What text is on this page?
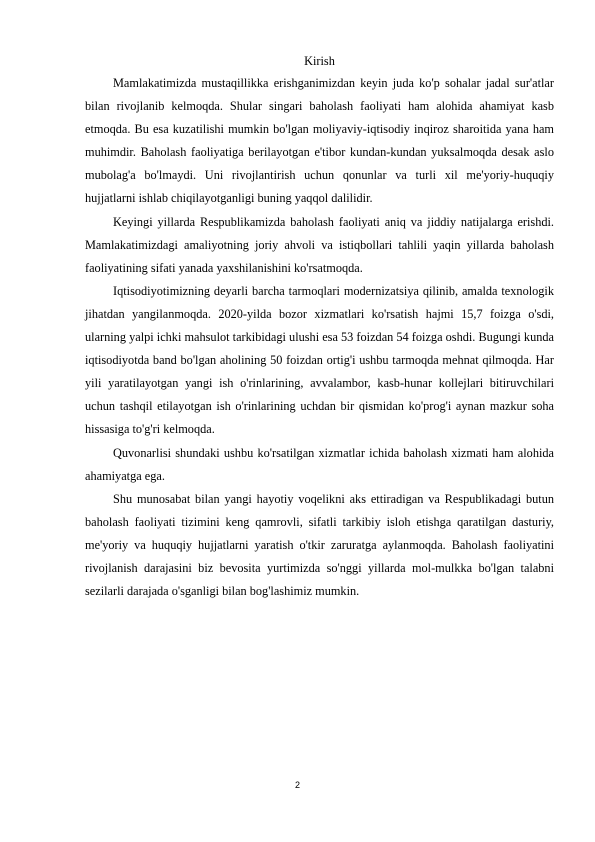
Kirish

Mamlakatimizda mustaqillikka erishganimizdan keyin juda ko'p sohalar jadal sur'atlar bilan rivojlanib kelmoqda. Shular singari baholash faoliyati ham alohida ahamiyat kasb etmoqda. Bu esa kuzatilishi mumkin bo'lgan moliyaviy-iqtisodiy inqiroz sharoitida yana ham muhimdir. Baholash faoliyatiga berilayotgan e'tibor kundan-kundan yuksalmoqda desak aslo mubolag'a bo'lmaydi. Uni rivojlantirish uchun qonunlar va turli xil me'yoriy-huquqiy hujjatlarni ishlab chiqilayotganligi buning yaqqol dalilidir.

Keyingi yillarda Respublikamizda baholash faoliyati aniq va jiddiy natijalarga erishdi. Mamlakatimizdagi amaliyotning joriy ahvoli va istiqbollari tahlili yaqin yillarda baholash faoliyatining sifati yanada yaxshilanishini ko'rsatmoqda.

Iqtisodiyotimizning deyarli barcha tarmoqlari modernizatsiya qilinib, amalda texnologik jihatdan yangilanmoqda. 2020-yilda bozor xizmatlari ko'rsatish hajmi 15,7 foizga o'sdi, ularning yalpi ichki mahsulot tarkibidagi ulushi esa 53 foizdan 54 foizga oshdi. Bugungi kunda iqtisodiyotda band bo'lgan aholining 50 foizdan ortig'i ushbu tarmoqda mehnat qilmoqda. Har yili yaratilayotgan yangi ish o'rinlarining, avvalambor, kasb-hunar kollejlari bitiruvchilari uchun tashqil etilayotgan ish o'rinlarining uchdan bir qismidan ko'prog'i aynan mazkur soha hissasiga to'g'ri kelmoqda.

Quvonarlisi shundaki ushbu ko'rsatilgan xizmatlar ichida baholash xizmati ham alohida ahamiyatga ega.

Shu munosabat bilan yangi hayotiy voqelikni aks ettiradigan va Respublikadagi butun baholash faoliyati tizimini keng qamrovli, sifatli tarkibiy isloh etishga qaratilgan dasturiy, me'yoriy va huquqiy hujjatlarni yaratish o'tkir zaruratga aylanmoqda. Baholash faoliyatini rivojlanish darajasini biz bevosita yurtimizda so'nggi yillarda mol-mulkka bo'lgan talabni sezilarli darajada o'sganligi bilan bog'lashimiz mumkin.

2
